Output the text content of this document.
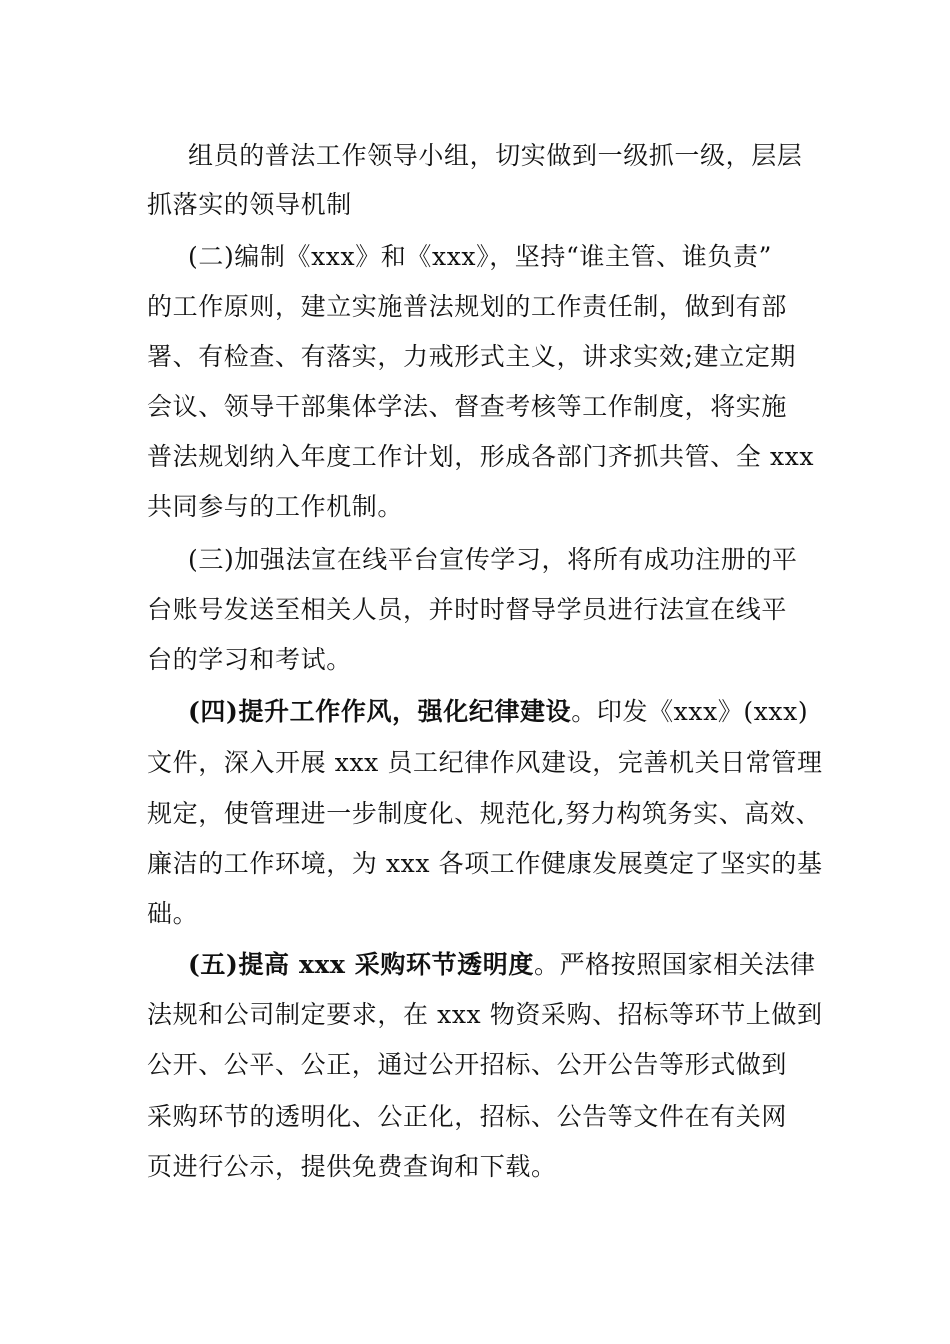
组员的普法工作领导小组，切实做到一级抓一级，层层
抓落实的领导机制
(二)编制《xxx》和《xxx》，坚持“谁主管、谁负责”
的工作原则，建立实施普法规划的工作责任制，做到有部
署、有检查、有落实，力戒形式主义，讲求实效;建立定期
会议、领导干部集体学法、督查考核等工作制度，将实施
普法规划纳入年度工作计划，形成各部门齐抓共管、全 xxx
共同参与的工作机制。
(三)加强法宣在线平台宣传学习，将所有成功注册的平
台账号发送至相关人员，并时时督导学员进行法宣在线平
台的学习和考试。
(四)提升工作作风，强化纪律建设。印发《xxx》(xxx)
文件，深入开展 xxx 员工纪律作风建设，完善机关日常管理
规定，使管理进一步制度化、规范化,努力构筑务实、高效、
廉洁的工作环境，为 xxx 各项工作健康发展奠定了坚实的基
础。
(五)提高 xxx 采购环节透明度。严格按照国家相关法律
法规和公司制定要求，在 xxx 物资采购、招标等环节上做到
公开、公平、公正，通过公开招标、公开公告等形式做到
采购环节的透明化、公正化，招标、公告等文件在有关网
页进行公示，提供免费查询和下载。
